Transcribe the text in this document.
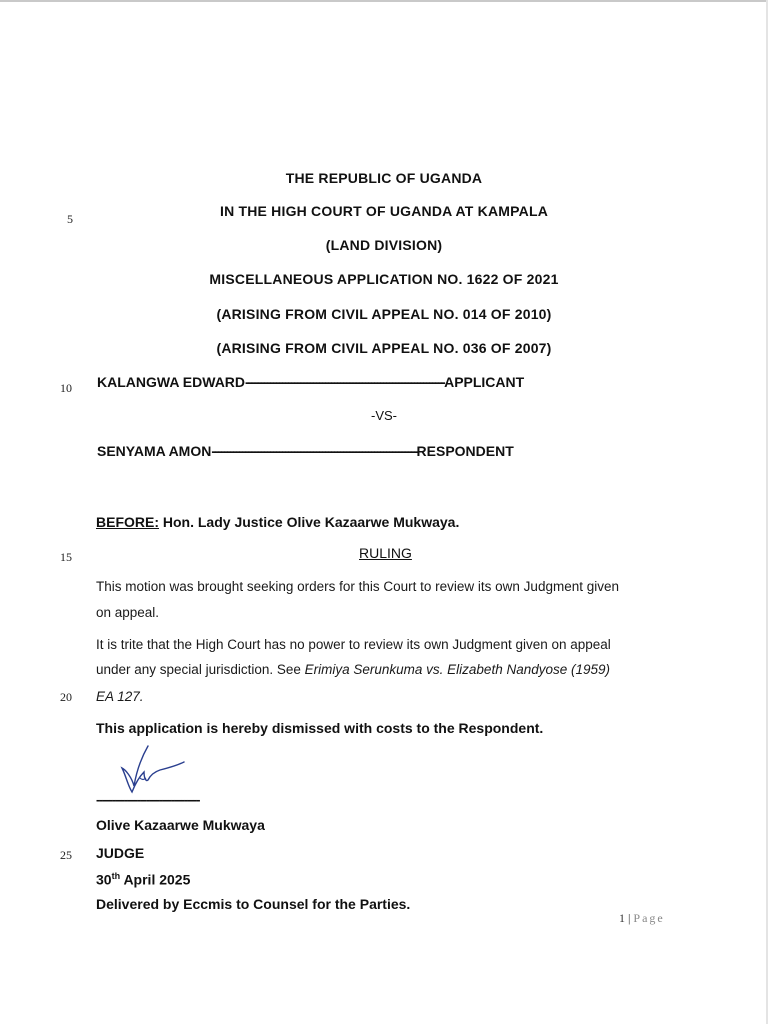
THE REPUBLIC OF UGANDA
IN THE HIGH COURT OF UGANDA AT KAMPALA
(LAND DIVISION)
MISCELLANEOUS APPLICATION NO. 1622 OF 2021
(ARISING FROM CIVIL APPEAL NO. 014 OF 2010)
(ARISING FROM CIVIL APPEAL NO. 036 OF 2007)
5
10
15
20
25
KALANGWA EDWARD-----------------------------------------------------------------APPLICANT
-VS-
SENYAMA AMON-------------------------------------------------------------------RESPONDENT
BEFORE: Hon. Lady Justice Olive Kazaarwe Mukwaya.
RULING
This motion was brought seeking orders for this Court to review its own Judgment given
on appeal.
It is trite that the High Court has no power to review its own Judgment given on appeal
under any special jurisdiction. See Erimiya Serunkuma vs. Elizabeth Nandyose (1959)
EA 127.
This application is hereby dismissed with costs to the Respondent.
---------------------------------
Olive Kazaarwe Mukwaya
JUDGE
30th April 2025
Delivered by Eccmis to Counsel for the Parties.
1 | Page
